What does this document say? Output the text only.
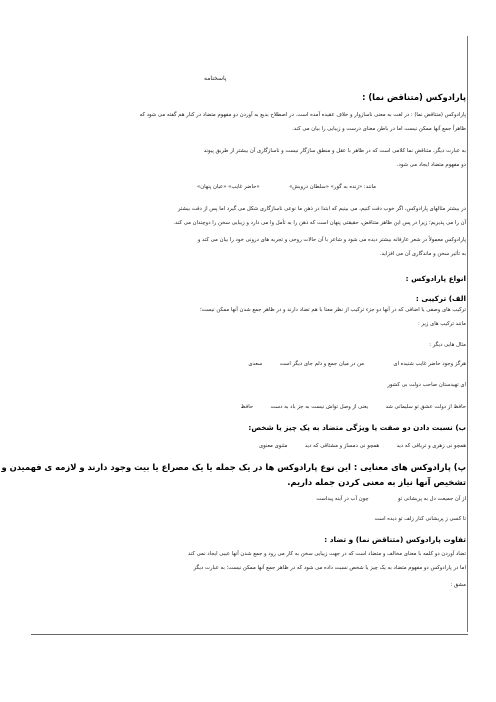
پاسخنامه
پارادوکس (متناقض نما) :
پارادوکس (متناقض نما) : در لغت به معنی ناسازوار و خلاف عقیده آمده است. در اصطلاح بدیع به آوردن دو مفهوم متضاد در کنار هم گفته می شود که
ظاهراً جمع آنها ممکن نیست اما در باطن معنای درست و زیبایی را بیان می کند.
به عبارت دیگر، متناقض نما کلامی است که در ظاهر با عقل و منطق سازگار نیست و ناسازگاری آن بیشتر از طریق پیوند
دو مفهوم متضاد ایجاد می شود.
مانند: «زنده به گور» «سلطان درویش»  «حاضر غایب» «عیان پنهان»
در بیشتر مثالهای پارادوکس، اگر خوب دقت کنیم، می بینیم که ابتدا در ذهن ما نوعی ناسازگاری شکل می گیرد اما پس از دقت بیشتر
آن را می پذیریم؛ زیرا در پس این ظاهر متناقض، حقیقتی پنهان است که ذهن را به تأمل وا می دارد و زیبایی سخن را دوچندان می کند.
پارادوکس معمولاً در شعر عارفانه بیشتر دیده می شود و شاعر با آن حالات روحی و تجربه های درونی خود را بیان می کند و
به تأثیر سخن و ماندگاری آن می افزاید.
انواع پارادوکس :
الف) ترکیبی :
ترکیب های وصفی یا اضافی که در آنها دو جزء ترکیب از نظر معنا با هم تضاد دارند و در ظاهر جمع شدن آنها ممکن نیست؛
مانند ترکیب های زیر :
مثال هایی دیگر :
هرگز وجود حاضر غایب شنیده ای  من در میان جمع و دلم جای دیگر است  سعدی
ای تهیدستان صاحب دولت بی کشور
حافظ از دولت عشق تو سلیمانی شد  یعنی از وصل تواش نیست به جز باد به دست  حافظ
ب) نسبت دادن دو صفت یا ویژگی متضاد به یک چیز یا شخص:
همچو نی زهری و تریاقی که دید  همچو نی دمساز و مشتاقی که دید  مثنوی معنوی
پ) پارادوکس های معنایی : این نوع پارادوکس ها در یک جمله یا یک مصراع یا بیت وجود دارند و لازمه ی فهمیدن و
تشخیص آنها نیاز به معنی کردن جمله داریم.
از آن جمیعت دل به پریشانی تو  چون آب در آینه پیداست
تا کسی ز پریشانی کنار زلف تو دیده است
تفاوت پارادوکس (متناقض نما) و تضاد :
تضاد آوردن دو کلمه با معنای مخالف و متضاد است که در جهت زیبایی سخن به کار می رود و جمع شدن آنها عیبی ایجاد نمی کند
اما در پارادوکس دو مفهوم متضاد به یک چیز یا شخص نسبت داده می شود که در ظاهر جمع آنها ممکن نیست؛ به عبارت دیگر
مشق :
